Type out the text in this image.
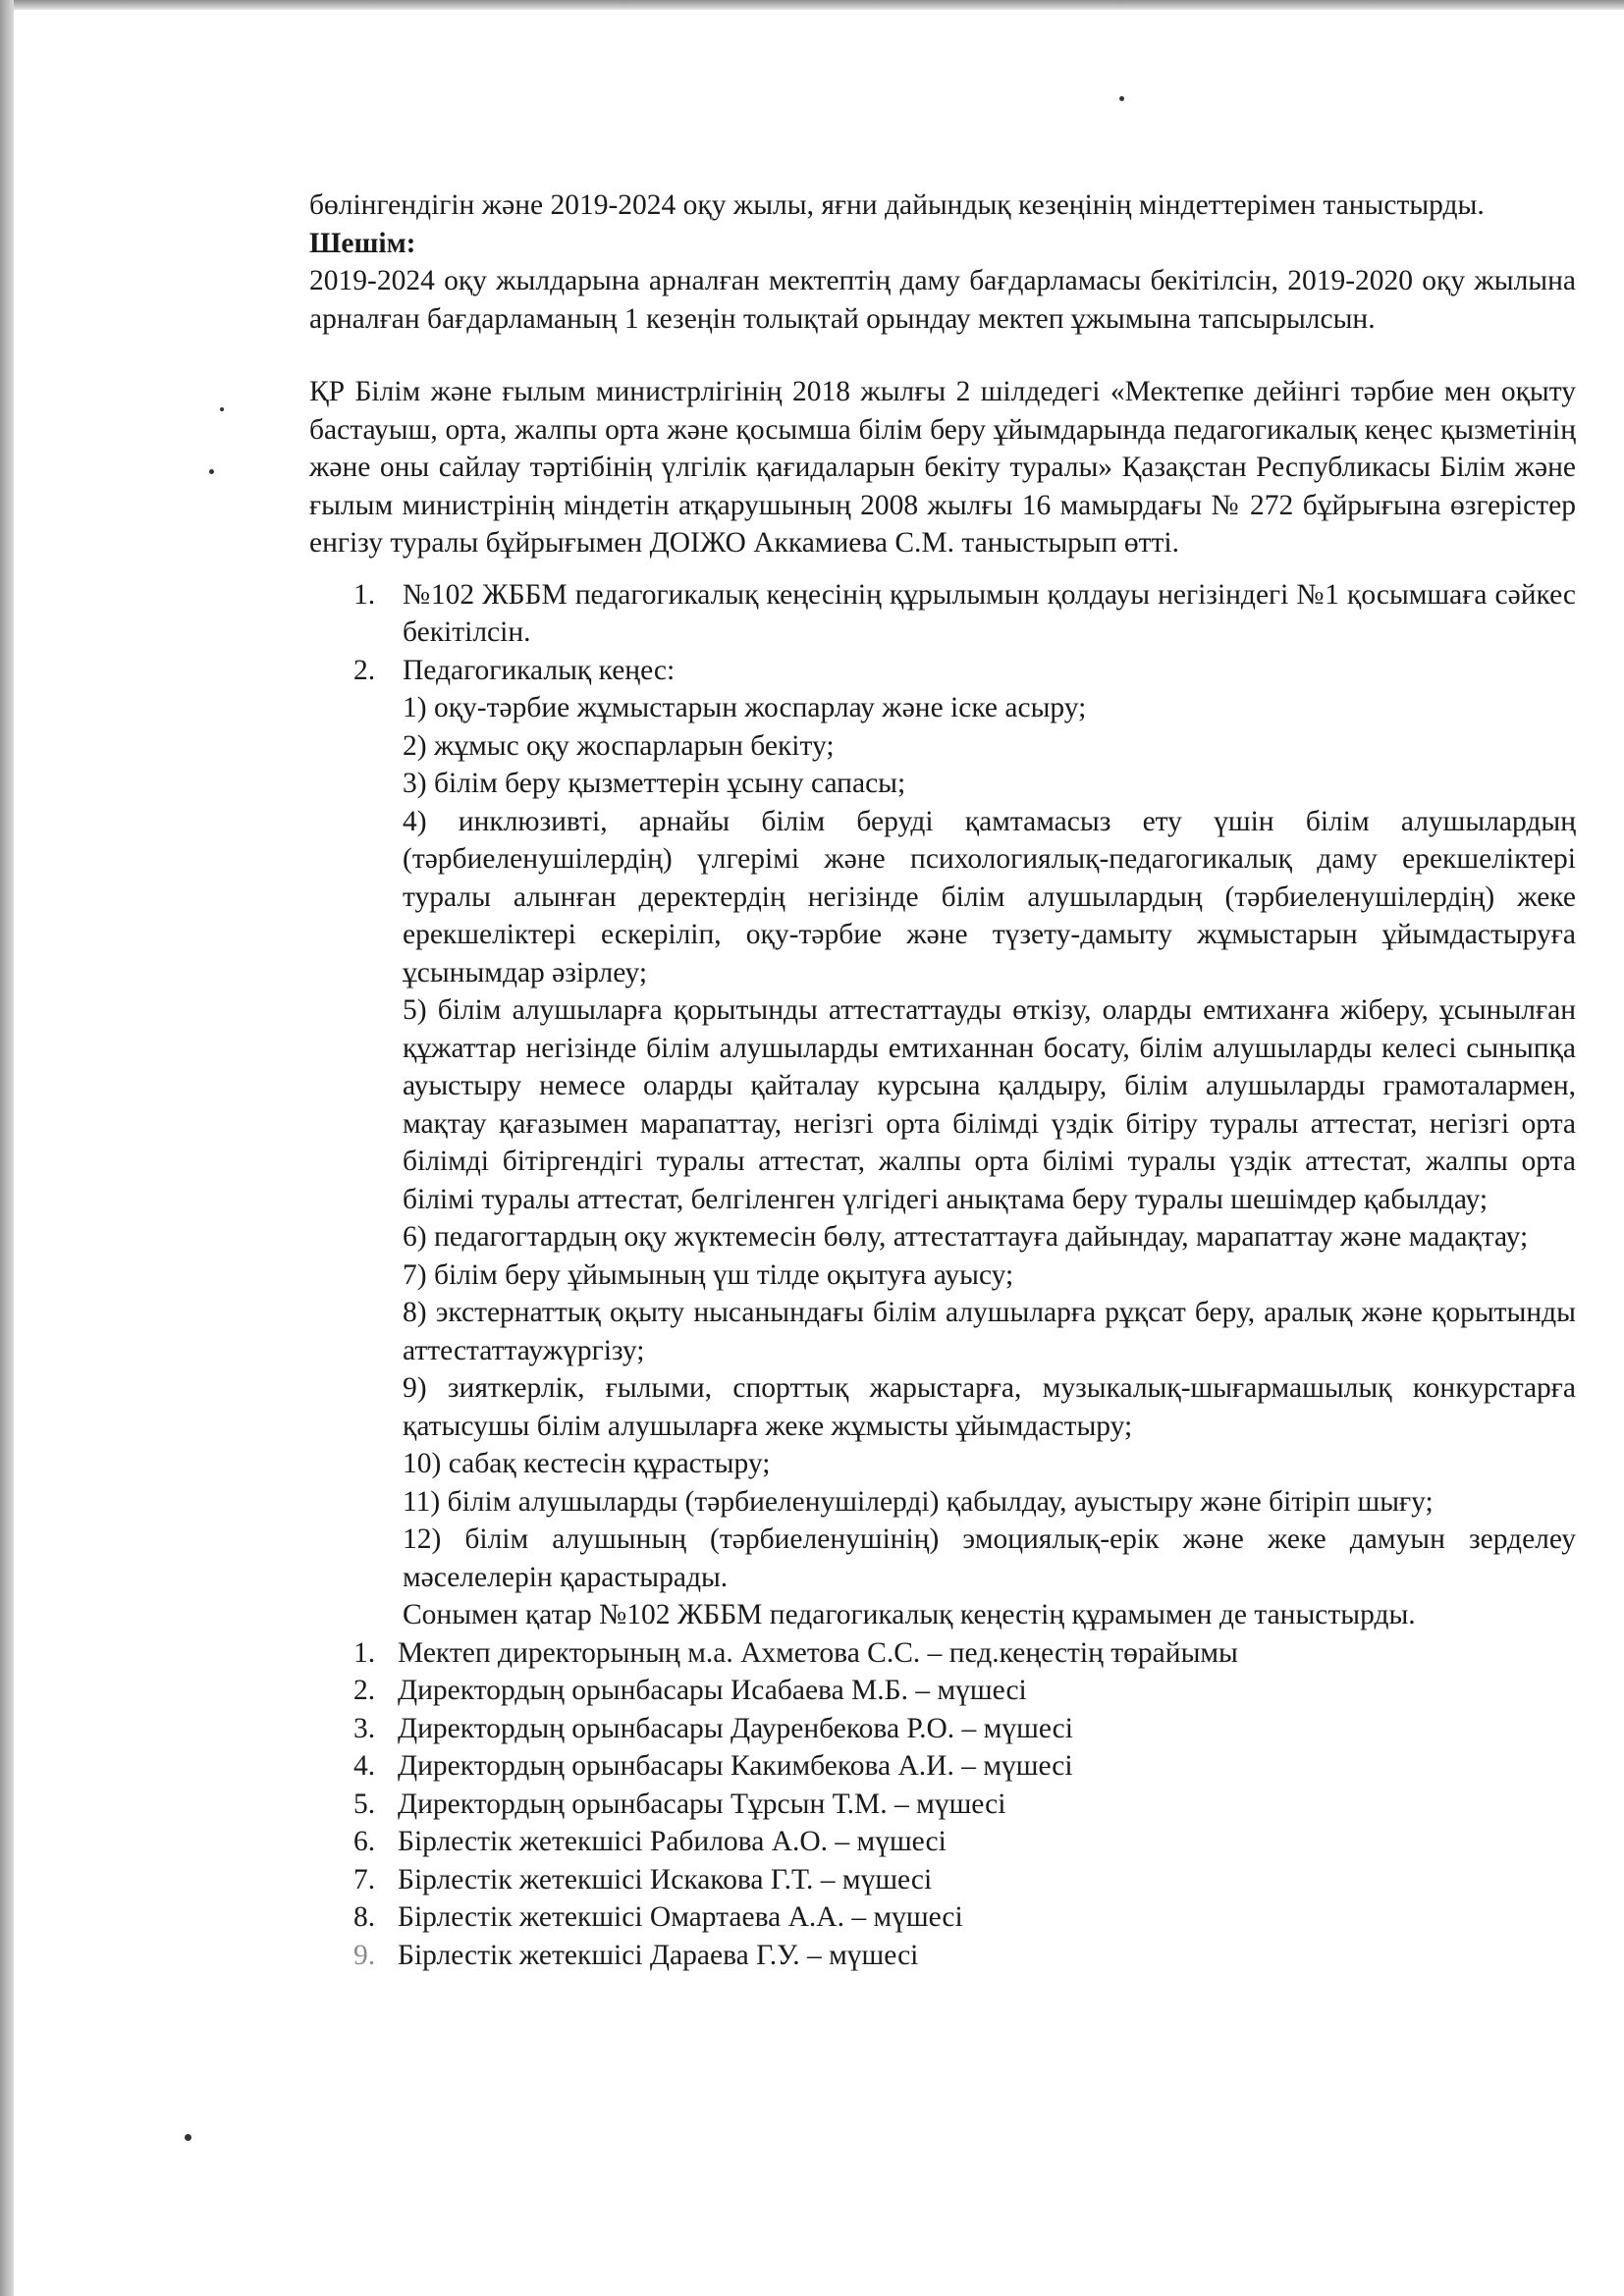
бөлінгендігін және 2019-2024 оқу жылы, яғни дайындық кезеңінің міндеттерімен таныстырды.

Шешім:

2019-2024 оқу жылдарына арналған мектептің даму бағдарламасы бекітілсін, 2019-2020 оқу жылына арналған бағдарламаның 1 кезеңін толықтай орындау мектеп ұжымына тапсырылсын.

ҚР Білім және ғылым министрлігінің 2018 жылғы 2 шілдедегі «Мектепке дейінгі тәрбие мен оқыту бастауыш, орта, жалпы орта және қосымша білім беру ұйымдарында педагогикалық кеңес қызметінің және оны сайлау тәртібінің үлгілік қағидаларын бекіту туралы» Қазақстан Республикасы Білім және ғылым министрінің міндетін атқарушының 2008 жылғы 16 мамырдағы № 272 бұйрығына өзгерістер енгізу туралы бұйрығымен ДОІЖО Аккамиева С.М. таныстырып өтті.

1. №102 ЖББМ педагогикалық кеңесінің құрылымын қолдауы негізіндегі №1 қосымшаға сәйкес бекітілсін.
2. Педагогикалық кеңес:

1) оқу-тәрбие жұмыстарын жоспарлау және іске асыру;

2) жұмыс оқу жоспарларын бекіту;

3) білім беру қызметтерін ұсыну сапасы;

4) инклюзивті, арнайы білім беруді қамтамасыз ету үшін білім алушылардың (тәрбиеленушілердің) үлгерімі және психологиялық-педагогикалық даму ерекшеліктері туралы алынған деректердің негізінде білім алушылардың (тәрбиеленушілердің) жеке ерекшеліктері ескеріліп, оқу-тәрбие және түзету-дамыту жұмыстарын ұйымдастыруға ұсынымдар әзірлеу;

5) білім алушыларға қорытынды аттестаттауды өткізу, оларды емтиханға жіберу, ұсынылған құжаттар негізінде білім алушыларды емтиханнан босату, білім алушыларды келесі сыныпқа ауыстыру немесе оларды қайталау курсына қалдыру, білім алушыларды грамоталармен, мақтау қағазымен марапаттау, негізгі орта білімді үздік бітіру туралы аттестат, негізгі орта білімді бітіргендігі туралы аттестат, жалпы орта білімі туралы үздік аттестат, жалпы орта білімі туралы аттестат, белгіленген үлгідегі анықтама беру туралы шешімдер қабылдау;

6) педагогтардың оқу жүктемесін бөлу, аттестаттауға дайындау, марапаттау және мадақтау;

7) білім беру ұйымының үш тілде оқытуға ауысу;

8) экстернаттық оқыту нысанындағы білім алушыларға рұқсат беру, аралық және қорытынды аттестаттаужүргізу;

9) зияткерлік, ғылыми, спорттық жарыстарға, музыкалық-шығармашылық конкурстарға қатысушы білім алушыларға жеке жұмысты ұйымдастыру;

10) сабақ кестесін құрастыру;

11) білім алушыларды (тәрбиеленушілерді) қабылдау, ауыстыру және бітіріп шығу;

12) білім алушының (тәрбиеленушінің) эмоциялық-ерік және жеке дамуын зерделеу мәселелерін қарастырады.

Сонымен қатар №102 ЖББМ педагогикалық кеңестің құрамымен де таныстырды.

1. Мектеп директорының м.а. Ахметова С.С. – пед.кеңестің төрайымы
2. Директордың орынбасары Исабаева М.Б. – мүшесі
3. Директордың орынбасары Дауренбекова Р.О. – мүшесі
4. Директордың орынбасары Какимбекова А.И. – мүшесі
5. Директордың орынбасары Тұрсын Т.М. – мүшесі
6. Бірлестік жетекшісі Рабилова А.О. – мүшесі
7. Бірлестік жетекшісі Искакова Г.Т. – мүшесі
8. Бірлестік жетекшісі Омартаева А.А. – мүшесі
9. Бірлестік жетекшісі Дараева Г.У. – мүшесі
